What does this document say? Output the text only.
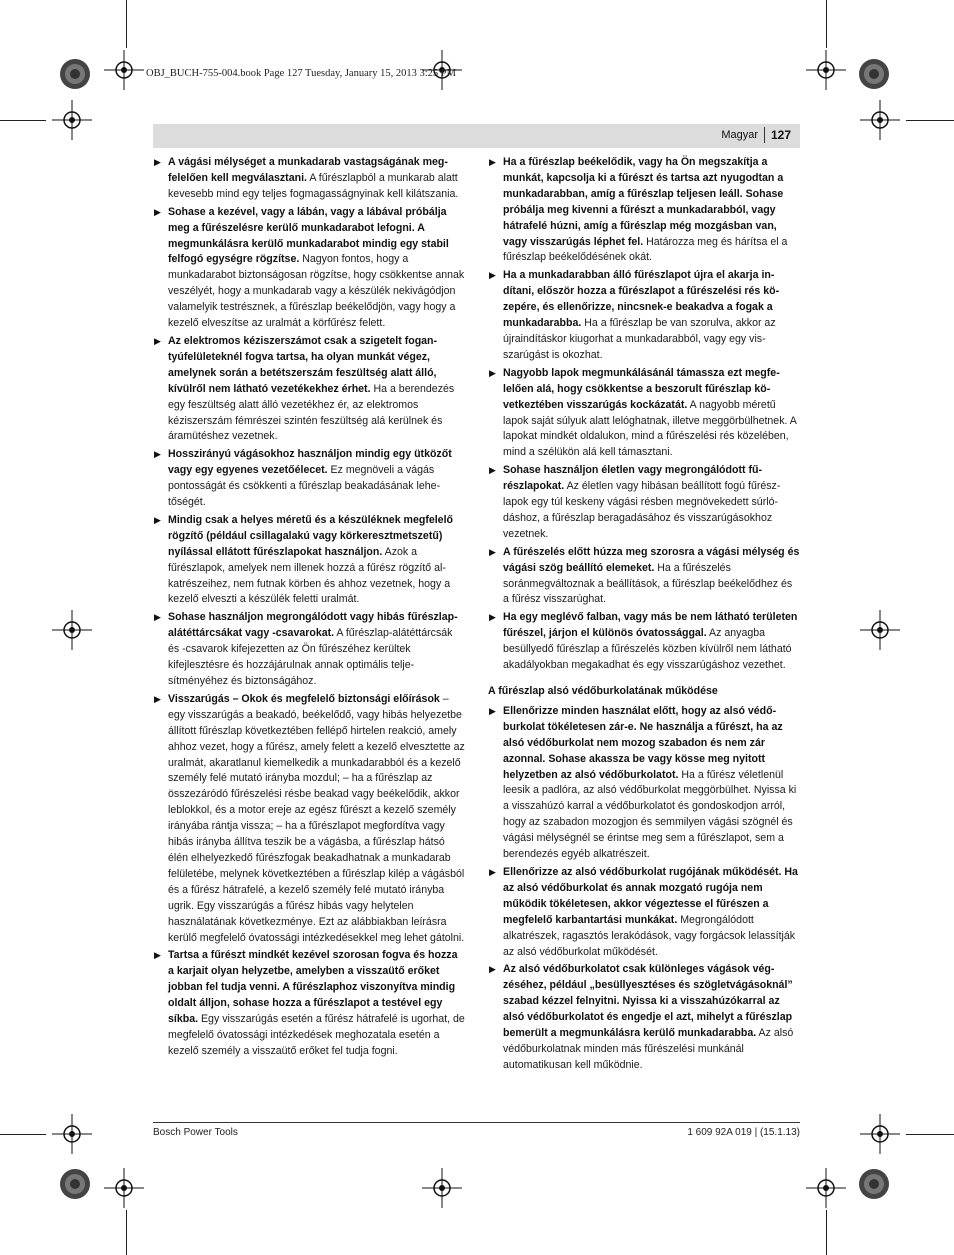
OBJ_BUCH-755-004.book Page 127 Tuesday, January 15, 2013 3:25 PM
Magyar 127
▶ A vágási mélységet a munkadarab vastagságának megfelelően kell megválasztani. A fűrészlapból a munkarab alatt kevesebb mind egy teljes fogmagasságnyinak kell kilátszania.
▶ Sohase a kezével, vagy a lábán, vagy a lábával próbálja meg a fűrészelésre kerülő munkadarabot lefogni. A megmunkálásra kerülő munkadarabot mindig egy stabil felfogó egységre rögzítse. Nagyon fontos, hogy a munkadarabot biztonságosan rögzítse, hogy csökkentse annak veszélyét, hogy a munkadarab vagy a készülék nekivágódjon valamelyik testrésznek, a fűrészlap beékelődjön, vagy hogy a kezelő elveszítse az uralmát a körfűrész felett.
▶ Az elektromos kéziszerszámot csak a szigetelt fogantyúfelületeknél fogva tartsa, ha olyan munkát végez, amelynek során a betétszerszám feszültség alatt álló, kívülről nem látható vezetékekhez érhet. Ha a berendezés egy feszültség alatt álló vezetékhez ér, az elektromos kéziszerszám fémrészei szintén feszültség alá kerülnek és áramütéshez vezetnek.
▶ Hosszirányú vágásokhoz használjon mindig egy ütközőt vagy egy egyenes vezetőélecet. Ez megnöveli a vágás pontosságát és csökkenti a fűrészlap beakadásának lehetőségét.
▶ Mindig csak a helyes méretű és a készüléknek megfelelő rögzítő (például csillagalakú vagy körkeresztmetszetű) nyílással ellátott fűrészlapokat használjon. Azok a fűrészlapok, amelyek nem illenek hozzá a fűrész rögzítő alkatrészeihez, nem futnak körben és ahhoz vezetnek, hogy a kezelő elveszti a készülék feletti uralmát.
▶ Sohase használjon megrongálódott vagy hibás fűrészlap-alátéttárcsákat vagy -csavarokat. A fűrészlap-alátéttárcsák és -csavarok kifejezetten az Ön fűrészéhez kerültek kifejlesztésre és hozzájárulnak annak optimális teljesítményéhez és biztonságához.
▶ Visszarúgás – Okok és megfelelő biztonsági előírások – egy visszarúgás a beakadó, beékelődő, vagy hibás helyezetbe állított fűrészlap következtében fellépő hirtelen reakció, amely ahhoz vezet, hogy a fűrész, amely felett a kezelő elvesztette az uralmát, akaratlanul kiemelkedik a munkadarabból és a kezelő személy felé mutató irányba mozdul; – ha a fűrészlap az összezáródó fűrészelési résbe beakad vagy beékelődik, akkor leblokkol, és a motor ereje az egész fűrészt a kezelő személy irányába rántja vissza; – ha a fűrészlapot megfordítva vagy hibás irányba állítva teszik be a vágásba, a fűrészlap hátsó élén elhelyezkedő fűrészfogak beakadhatnak a munkadarab felületébe, melynek következtében a fűrészlap kilép a vágásból és a fűrész hátrafelé, a kezelő személy felé mutató irányba ugrik. Egy visszarúgás a fűrész hibás vagy helytelen használatának következménye. Ezt az alábbiakban leírásra kerülő megfelelő óvatossági intézkedésekkel meg lehet gátolni.
▶ Tartsa a fűrészt mindkét kezével szorosan fogva és hozza a karjait olyan helyzetbe, amelyben a visszaütő erőket jobban fel tudja venni. A fűrészlaphoz viszonyítva mindig oldalt álljon, sohase hozza a fűrészlapot a testével egy síkba. Egy visszarúgás esetén a fűrész hátrafelé is ugorhat, de megfelelő óvatossági intézkedések meghozatala esetén a kezelő személy a visszaütő erőket fel tudja fogni.
▶ Ha a fűrészlap beékelődik, vagy ha Ön megszakítja a munkát, kapcsolja ki a fűrészt és tartsa azt nyugodtan a munkadarabban, amíg a fűrészlap teljesen leáll. Sohase próbálja meg kivenni a fűrészt a munkadarabból, vagy hátrafelé húzni, amíg a fűrészlap még mozgásban van, vagy visszarúgás léphet fel. Határozza meg és hárítsa el a fűrészlap beékelődésének okát.
▶ Ha a munkadarabban álló fűrészlapot újra el akarja indítani, először hozza a fűrészlapot a fűrészelési rés közepére, és ellenőrizze, nincsnek-e beakadva a fogak a munkadarabba. Ha a fűrészlap be van szorulva, akkor az újraindításkor kiugorhat a munkadarabból, vagy egy visszarúgást is okozhat.
▶ Nagyobb lapok megmunkálásánál támassza ezt megfelelően alá, hogy csökkentse a beszorult fűrészlap következtében visszarúgás kockázatát. A nagyobb méretű lapok saját súlyuk alatt lelóghatnak, illetve meggörbülhetnek. A lapokat mindkét oldalukon, mind a fűrészelési rés közelében, mind a szélükön alá kell támasztani.
▶ Sohase használjon életlen vagy megrongálódott fűrészlapokat. Az életlen vagy hibásan beállított fogú fűrészlapok egy túl keskeny vágási résben megnövekedett súrlódáshoz, a fűrészlap beragadásához és visszarúgásokhoz vezetnek.
▶ A fűrészelés előtt húzza meg szorosra a vágási mélység és vágási szög beállító elemeket. Ha a fűrészelés soránmegváltoznak a beállítások, a fűrészlap beékelődhez és a fűrész visszarúghat.
▶ Ha egy meglévő falban, vagy más be nem látható területen fűrészel, járjon el különös óvatossággal. Az anyagba besüllyedő fűrészlap a fűrészelés közben kívülről nem látható akadályokban megakadhat és egy visszarúgáshoz vezethet.
A fűrészlap alsó védőburkolatának működése
▶ Ellenőrizze minden használat előtt, hogy az alsó védőburkolat tökéletesen zár-e. Ne használja a fűrészt, ha az alsó védőburkolat nem mozog szabadon és nem zár azonnal. Sohase akassza be vagy kösse meg nyitott helyzetben az alsó védőburkolatot. Ha a fűrész véletlenül leesik a padlóra, az alsó védőburkolat meggörbülhet. Nyissa ki a visszahúzó karral a védőburkolatot és gondoskodjon arról, hogy az szabadon mozogjon és semmilyen vágási szögnél és vágási mélységnél se érintse meg sem a fűrészlapot, sem a berendezés egyéb alkatrészeit.
▶ Ellenőrizze az alsó védőburkolat rugójának működését. Ha az alsó védőburkolat és annak mozgató rugója nem működik tökéletesen, akkor végeztesse el fűrészen a megfelelő karbantartási munkákat. Megrongálódott alkatrészek, ragasztós lerakódások, vagy forgácsok lelassítják az alsó védőburkolat működését.
▶ Az alsó védőburkolatot csak különleges vágások végzéséhez, például „besüllyesztéses és szögletvágásoknál” szabad kézzel felnyitni. Nyissa ki a visszahúzókarral az alsó védőburkolatot és engedje el azt, mihelyt a fűrészlap bemerült a megmunkálásra kerülő munkadarabba. Az alsó védőburkolatnak minden más fűrészelési munkánál automatikusan kell működnie.
Bosch Power Tools	1 609 92A 019 | (15.1.13)
